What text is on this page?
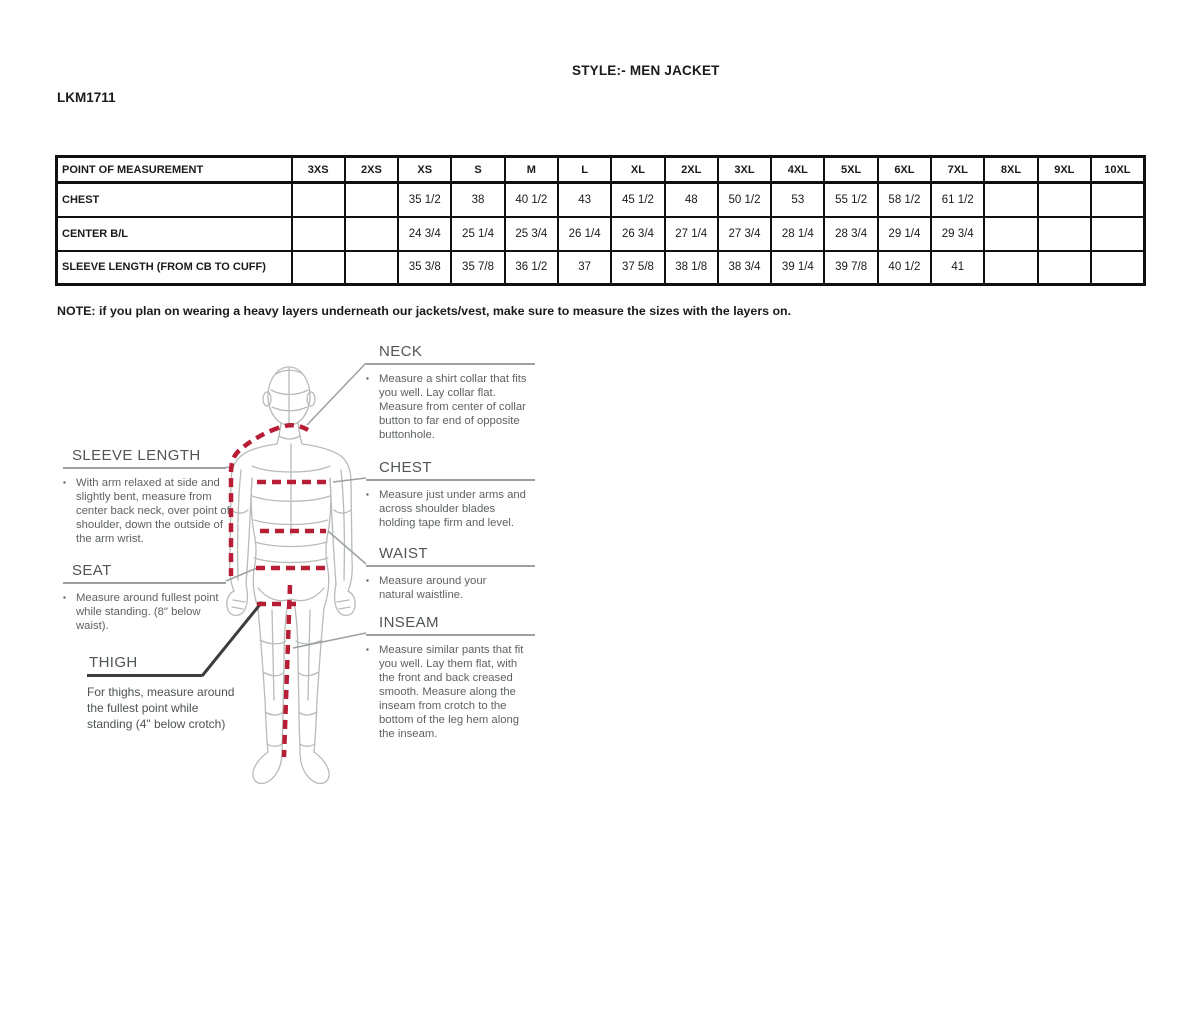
STYLE:- MEN JACKET
LKM1711
POINT OF MEASUREMENT	3XS	2XS	XS	S	M	L	XL	2XL	3XL	4XL	5XL	6XL	7XL	8XL	9XL	10XL
CHEST			35 1/2	38	40 1/2	43	45 1/2	48	50 1/2	53	55 1/2	58 1/2	61 1/2			
CENTER B/L			24 3/4	25 1/4	25 3/4	26 1/4	26 3/4	27 1/4	27 3/4	28 1/4	28 3/4	29 1/4	29 3/4			
SLEEVE LENGTH (FROM CB TO CUFF)			35 3/8	35 7/8	36 1/2	37	37 5/8	38 1/8	38 3/4	39 1/4	39 7/8	40 1/2	41			
NOTE: if you plan on wearing a heavy layers underneath our jackets/vest, make sure to measure the sizes with the layers on.
NECK
▪ Measure a shirt collar that fits you well. Lay collar flat. Measure from center of collar button to far end of opposite buttonhole.
CHEST
▪ Measure just under arms and across shoulder blades holding tape firm and level.
WAIST
▪ Measure around your natural waistline.
INSEAM
▪ Measure similar pants that fit you well. Lay them flat, with the front and back creased smooth. Measure along the inseam from crotch to the bottom of the leg hem along the inseam.
SLEEVE LENGTH
▪ With arm relaxed at side and slightly bent, measure from center back neck, over point of shoulder, down the outside of the arm wrist.
SEAT
▪ Measure around fullest point while standing. (8" below waist).
THIGH
For thighs, measure around the fullest point while standing (4" below crotch)
